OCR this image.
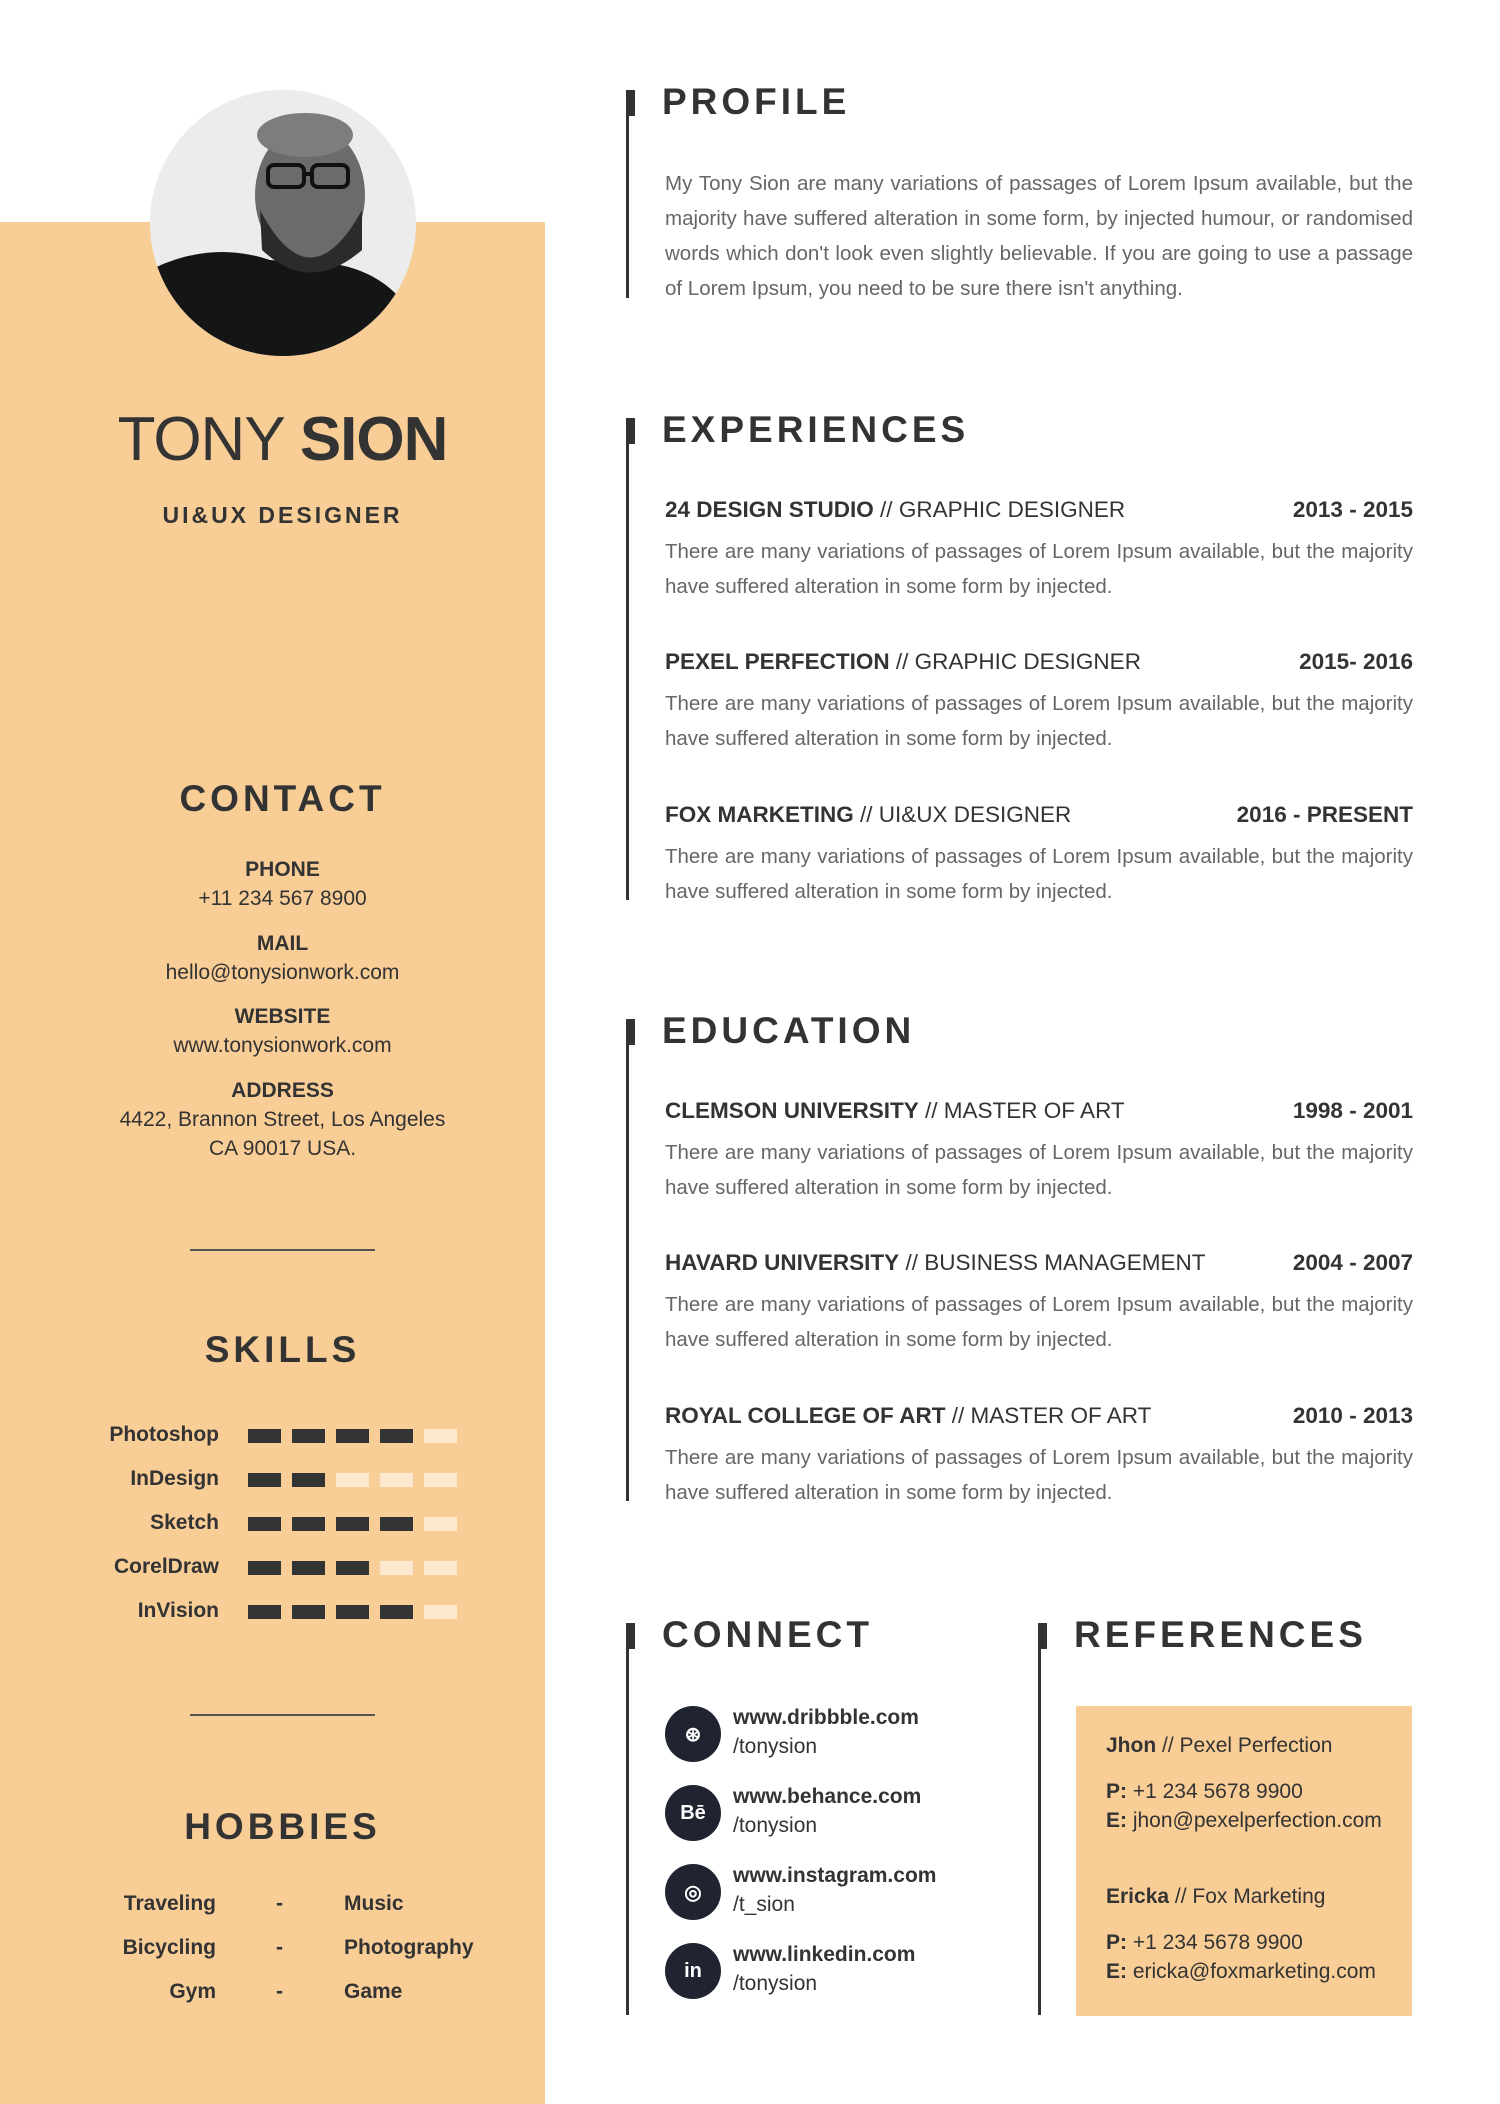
TONY SION
UI&UX DESIGNER
CONTACT
PHONE
+11 234 567 8900
MAIL
hello@tonysionwork.com
WEBSITE
www.tonysionwork.com
ADDRESS
4422, Brannon Street, Los Angeles
CA 90017 USA.
SKILLS
Photoshop
InDesign
Sketch
CorelDraw
InVision
HOBBIES
Traveling	-	Music
Bicycling	-	Photography
Gym	-	Game
PROFILE
My Tony Sion are many variations of passages of Lorem Ipsum available, but the majority have suffered alteration in some form, by injected humour, or randomised words which don't look even slightly believable. If you are going to use a passage of Lorem Ipsum, you need to be sure there isn't anything.
EXPERIENCES
24 DESIGN STUDIO // GRAPHIC DESIGNER	2013 - 2015
There are many variations of passages of Lorem Ipsum available, but the majority have suffered alteration in some form by injected.
PEXEL PERFECTION // GRAPHIC DESIGNER	2015- 2016
There are many variations of passages of Lorem Ipsum available, but the majority have suffered alteration in some form by injected.
FOX MARKETING // UI&UX DESIGNER	2016 - PRESENT
There are many variations of passages of Lorem Ipsum available, but the majority have suffered alteration in some form by injected.
EDUCATION
CLEMSON UNIVERSITY // MASTER OF ART	1998 - 2001
There are many variations of passages of Lorem Ipsum available, but the majority have suffered alteration in some form by injected.
HAVARD UNIVERSITY // BUSINESS MANAGEMENT	2004 - 2007
There are many variations of passages of Lorem Ipsum available, but the majority have suffered alteration in some form by injected.
ROYAL COLLEGE OF ART // MASTER OF ART	2010 - 2013
There are many variations of passages of Lorem Ipsum available, but the majority have suffered alteration in some form by injected.
CONNECT
⊛
www.dribbble.com
/tonysion
Bē
www.behance.com
/tonysion
◎
www.instagram.com
/t_sion
in
www.linkedin.com
/tonysion
REFERENCES
Jhon // Pexel Perfection
P: +1 234 5678 9900
E: jhon@pexelperfection.com
Ericka // Fox Marketing
P: +1 234 5678 9900
E: ericka@foxmarketing.com
